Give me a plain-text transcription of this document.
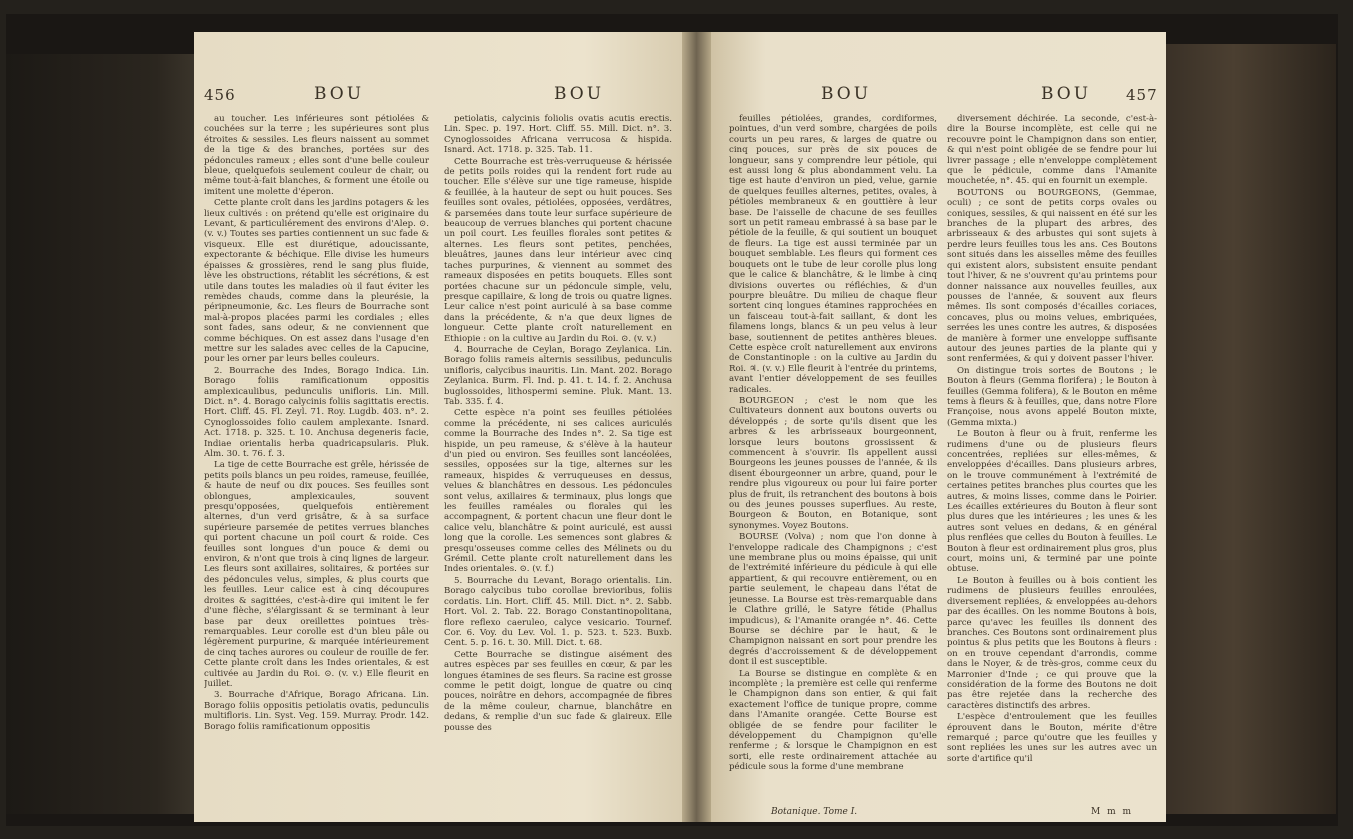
456	BOU	BOU

au toucher. Les inférieures sont pétiolées & couchées sur la terre ; les supérieures sont plus étroites & sessiles. Les fleurs naissent au sommet de la tige & des branches, portées sur des pédoncules rameux ; elles sont d'une belle couleur bleue, quelquefois seulement couleur de chair, ou même tout-à-fait blanches, & forment une étoile ou imitent une molette d'éperon.

Cette plante croît dans les jardins potagers & les lieux cultivés : on prétend qu'elle est originaire du Levant, & particuliérement des environs d'Alep. ⊙. (v. v.) Toutes ses parties contiennent un suc fade & visqueux. Elle est diurétique, adoucissante, expectorante & béchique. Elle divise les humeurs épaisses & grossières, rend le sang plus fluide, lève les obstructions, rétablit les sécrétions, & est utile dans toutes les maladies où il faut éviter les remèdes chauds, comme dans la pleurésie, la péripneumonie, &c. Les fleurs de Bourrache sont mal-à-propos placées parmi les cordiales ; elles sont fades, sans odeur, & ne conviennent que comme béchiques. On est assez dans l'usage d'en mettre sur les salades avec celles de la Capucine, pour les orner par leurs belles couleurs.

2. Bourrache des Indes, Borago Indica. Lin. Borago foliis ramificationum oppositis amplexicaulibus, pedunculis unifloris. Lin. Mill. Dict. n°. 4. Borago calycinis foliis sagittatis erectis. Hort. Cliff. 45. Fl. Zeyl. 71. Roy. Lugdb. 403. n°. 2. Cynoglossoides folio caulem amplexante. Isnard. Act. 1718. p. 325. t. 10. Anchusa degeneris facie, Indiae orientalis herba quadricapsularis. Pluk. Alm. 30. t. 76. f. 3.

La tige de cette Bourrache est grêle, hérissée de petits poils blancs un peu roides, rameuse, feuillée, & haute de neuf ou dix pouces. Ses feuilles sont oblongues, amplexicaules, souvent presqu'opposées, quelquefois entièrement alternes, d'un verd grisâtre, & à sa surface supérieure parsemée de petites verrues blanches qui portent chacune un poil court & roide. Ces feuilles sont longues d'un pouce & demi ou environ, & n'ont que trois à cinq lignes de largeur. Les fleurs sont axillaires, solitaires, & portées sur des pédoncules velus, simples, & plus courts que les feuilles. Leur calice est à cinq découpures droites & sagittées, c'est-à-dire qui imitent le fer d'une flèche, s'élargissant & se terminant à leur base par deux oreillettes pointues très-remarquables. Leur corolle est d'un bleu pâle ou légèrement purpurine, & marquée intérieurement de cinq taches aurores ou couleur de rouille de fer. Cette plante croît dans les Indes orientales, & est cultivée au Jardin du Roi. ⊙. (v. v.) Elle fleurit en Juillet.

3. Bourrache d'Afrique, Borago Africana. Lin. Borago foliis oppositis petiolatis ovatis, pedunculis multifloris. Lin. Syst. Veg. 159. Murray. Prodr. 142. Borago foliis ramificationum oppositis

petiolatis, calycinis foliolis ovatis acutis erectis. Lin. Spec. p. 197. Hort. Cliff. 55. Mill. Dict. n°. 3. Cynoglossoides Africana verrucosa & hispida. Isnard. Act. 1718. p. 325. Tab. 11.

Cette Bourrache est très-verruqueuse & hérissée de petits poils roides qui la rendent fort rude au toucher. Elle s'élève sur une tige rameuse, hispide & feuillée, à la hauteur de sept ou huit pouces. Ses feuilles sont ovales, pétiolées, opposées, verdâtres, & parsemées dans toute leur surface supérieure de beaucoup de verrues blanches qui portent chacune un poil court. Les feuilles florales sont petites & alternes. Les fleurs sont petites, penchées, bleuâtres, jaunes dans leur intérieur avec cinq taches purpurines, & viennent au sommet des rameaux disposées en petits bouquets. Elles sont portées chacune sur un pédoncule simple, velu, presque capillaire, & long de trois ou quatre lignes. Leur calice n'est point auriculé à sa base comme dans la précédente, & n'a que deux lignes de longueur. Cette plante croît naturellement en Ethiopie : on la cultive au Jardin du Roi. ⊙. (v. v.)

4. Bourrache de Ceylan, Borago Zeylanica. Lin. Borago foliis rameis alternis sessilibus, pedunculis unifloris, calycibus inauritis. Lin. Mant. 202. Borago Zeylanica. Burm. Fl. Ind. p. 41. t. 14. f. 2. Anchusa buglossoides, lithospermi semine. Pluk. Mant. 13. Tab. 335. f. 4.

Cette espèce n'a point ses feuilles pétiolées comme la précédente, ni ses calices auriculés comme la Bourrache des Indes n°. 2. Sa tige est hispide, un peu rameuse, & s'élève à la hauteur d'un pied ou environ. Ses feuilles sont lancéolées, sessiles, opposées sur la tige, alternes sur les rameaux, hispides & verruqueuses en dessus, velues & blanchâtres en dessous. Les pédoncules sont velus, axillaires & terminaux, plus longs que les feuilles raméales ou florales qui les accompagnent, & portent chacun une fleur dont le calice velu, blanchâtre & point auriculé, est aussi long que la corolle. Les semences sont glabres & presqu'osseuses comme celles des Mélinets ou du Grémil. Cette plante croît naturellement dans les Indes orientales. ⊙. (v. f.)

5. Bourrache du Levant, Borago orientalis. Lin. Borago calycibus tubo corollae brevioribus, foliis cordatis. Lin. Hort. Cliff. 45. Mill. Dict. n°. 2. Sabb. Hort. Vol. 2. Tab. 22. Borago Constantinopolitana, flore reflexo caeruleo, calyce vesicario. Tournef. Cor. 6. Voy. du Lev. Vol. 1. p. 523. t. 523. Buxb. Cent. 5. p. 16. t. 30. Mill. Dict. t. 68.

Cette Bourrache se distingue aisément des autres espèces par ses feuilles en cœur, & par les longues étamines de ses fleurs. Sa racine est grosse comme le petit doigt, longue de quatre ou cinq pouces, noirâtre en dehors, accompagnée de fibres de la même couleur, charnue, blanchâtre en dedans, & remplie d'un suc fade & glaireux. Elle pousse des

BOU	BOU 457

feuilles pétiolées, grandes, cordiformes, pointues, d'un verd sombre, chargées de poils courts un peu rares, & larges de quatre ou cinq pouces, sur près de six pouces de longueur, sans y comprendre leur pétiole, qui est aussi long & plus abondamment velu. La tige est haute d'environ un pied, velue, garnie de quelques feuilles alternes, petites, ovales, à pétioles membraneux & en gouttière à leur base. De l'aisselle de chacune de ses feuilles sort un petit rameau embrassé à sa base par le pétiole de la feuille, & qui soutient un bouquet de fleurs. La tige est aussi terminée par un bouquet semblable. Les fleurs qui forment ces bouquets ont le tube de leur corolle plus long que le calice & blanchâtre, & le limbe à cinq divisions ouvertes ou réfléchies, & d'un pourpre bleuâtre. Du milieu de chaque fleur sortent cinq longues étamines rapprochées en un faisceau tout-à-fait saillant, & dont les filamens longs, blancs & un peu velus à leur base, soutiennent de petites anthères bleues. Cette espèce croît naturellement aux environs de Constantinople : on la cultive au Jardin du Roi. ♃. (v. v.) Elle fleurit à l'entrée du printems, avant l'entier développement de ses feuilles radicales.

BOURGEON ; c'est le nom que les Cultivateurs donnent aux boutons ouverts ou développés ; de sorte qu'ils disent que les arbres & les arbrisseaux bourgeonnent, lorsque leurs boutons grossissent & commencent à s'ouvrir. Ils appellent aussi Bourgeons les jeunes pousses de l'année, & ils disent ébourgeonner un arbre, quand, pour le rendre plus vigoureux ou pour lui faire porter plus de fruit, ils retranchent des boutons à bois ou des jeunes pousses superflues. Au reste, Bourgeon & Bouton, en Botanique, sont synonymes. Voyez Boutons.

BOURSE (Volva) ; nom que l'on donne à l'enveloppe radicale des Champignons ; c'est une membrane plus ou moins épaisse, qui unit de l'extrémité inférieure du pédicule à qui elle appartient, & qui recouvre entièrement, ou en partie seulement, le chapeau dans l'état de jeunesse. La Bourse est très-remarquable dans le Clathre grillé, le Satyre fétide (Phallus impudicus), & l'Amanite orangée n°. 46. Cette Bourse se déchire par le haut, & le Champignon naissant en sort pour prendre les degrés d'accroissement & de développement dont il est susceptible.

La Bourse se distingue en complète & en incomplète ; la première est celle qui renferme le Champignon dans son entier, & qui fait exactement l'office de tunique propre, comme dans l'Amanite orangée. Cette Bourse est obligée de se fendre pour faciliter le développement du Champignon qu'elle renferme ; & lorsque le Champignon en est sorti, elle reste ordinairement attachée au pédicule sous la forme d'une membrane

diversement déchirée. La seconde, c'est-à-dire la Bourse incomplète, est celle qui ne recouvre point le Champignon dans son entier, & qui n'est point obligée de se fendre pour lui livrer passage ; elle n'enveloppe complètement que le pédicule, comme dans l'Amanite mouchetée, n°. 45. qui en fournit un exemple.

BOUTONS ou BOURGEONS, (Gemmae, oculi) ; ce sont de petits corps ovales ou coniques, sessiles, & qui naissent en été sur les branches de la plupart des arbres, des arbrisseaux & des arbustes qui sont sujets à perdre leurs feuilles tous les ans. Ces Boutons sont situés dans les aisselles même des feuilles qui existent alors, subsistent ensuite pendant tout l'hiver, & ne s'ouvrent qu'au printems pour donner naissance aux nouvelles feuilles, aux pousses de l'année, & souvent aux fleurs mêmes. Ils sont composés d'écailles coriaces, concaves, plus ou moins velues, embriquées, serrées les unes contre les autres, & disposées de manière à former une enveloppe suffisante autour des jeunes parties de la plante qui y sont renfermées, & qui y doivent passer l'hiver.

On distingue trois sortes de Boutons ; le Bouton à fleurs (Gemma florifera) ; le Bouton à feuilles (Gemma folifera), & le Bouton en même tems à fleurs & à feuilles, que, dans notre Flore Françoise, nous avons appelé Bouton mixte, (Gemma mixta.)

Le Bouton à fleur ou à fruit, renferme les rudimens d'une ou de plusieurs fleurs concentrées, repliées sur elles-mêmes, & enveloppées d'écailles. Dans plusieurs arbres, on le trouve communément à l'extrémité de certaines petites branches plus courtes que les autres, & moins lisses, comme dans le Poirier. Les écailles extérieures du Bouton à fleur sont plus dures que les intérieures ; les unes & les autres sont velues en dedans, & en général plus renflées que celles du Bouton à feuilles. Le Bouton à fleur est ordinairement plus gros, plus court, moins uni, & terminé par une pointe obtuse.

Le Bouton à feuilles ou à bois contient les rudimens de plusieurs feuilles enroulées, diversement repliées, & enveloppées au-dehors par des écailles. On les nomme Boutons à bois, parce qu'avec les feuilles ils donnent des branches. Ces Boutons sont ordinairement plus pointus & plus petits que les Boutons à fleurs : on en trouve cependant d'arrondis, comme dans le Noyer, & de très-gros, comme ceux du Marronier d'Inde ; ce qui prouve que la considération de la forme des Boutons ne doit pas être rejetée dans la recherche des caractères distinctifs des arbres.

L'espèce d'entroulement que les feuilles éprouvent dans le Bouton, mérite d'être remarqué ; parce qu'outre que les feuilles y sont repliées les unes sur les autres avec un sorte d'artifice qu'il

Botanique. Tome I.	M m m
